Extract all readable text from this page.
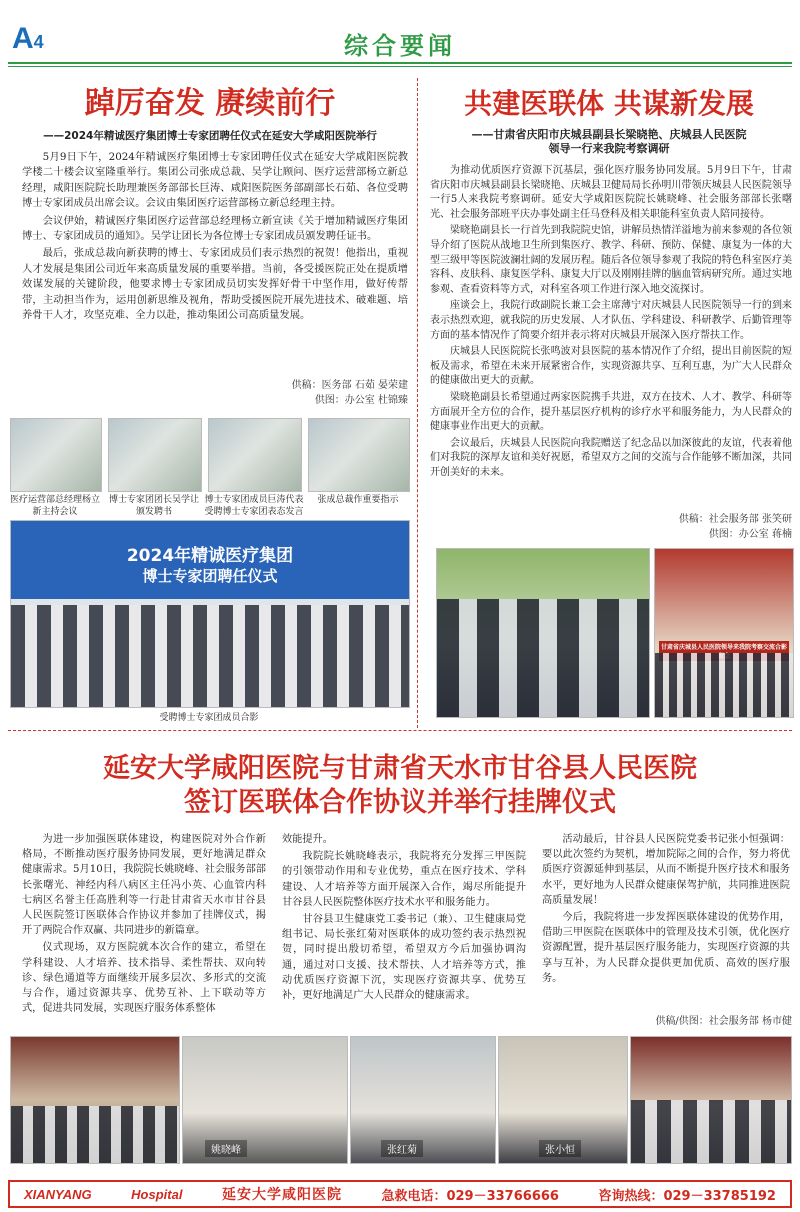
A4	综合要闻
踔厉奋发 赓续前行
——2024年精诚医疗集团博士专家团聘任仪式在延安大学咸阳医院举行

5月9日下午，2024年精诚医疗集团博士专家团聘任仪式在延安大学咸阳医院教学楼二十楼会议室隆重举行。集团公司张成总裁、吴学让顾问、医疗运营部杨立新总经理，咸阳医院院长助理兼医务部部长巨涛、咸阳医院医务部副部长石茹、各位受聘博士专家团成员出席会议。会议由集团医疗运营部杨立新总经理主持。

会议伊始，精诚医疗集团医疗运营部总经理杨立新宣读《关于增加精诚医疗集团博士、专家团成员的通知》。吴学让团长为各位博士专家团成员颁发聘任证书。

最后，张成总裁向新获聘的博士、专家团成员们表示热烈的祝贺！他指出，重视人才发展是集团公司近年来高质量发展的重要举措。当前，各受援医院正处在提质增效谋发展的关键阶段，他要求博士专家团成员切实发挥好骨干中坚作用，做好传帮带，主动担当作为，运用创新思维及视角，帮助受援医院开展先进技术、破难题、培养骨干人才，攻坚克难、全力以赴，推动集团公司高质量发展。

供稿：医务部 石茹 晏荣建
供图：办公室 杜锦臻
医疗运营部总经理杨立新主持会议
博士专家团团长吴学让颁发聘书
博士专家团成员巨涛代表受聘博士专家团表态发言
张成总裁作重要指示
2024年精诚医疗集团
博士专家团聘任仪式
受聘博士专家团成员合影
共建医联体 共谋新发展
——甘肃省庆阳市庆城县副县长梁晓艳、庆城县人民医院
领导一行来我院考察调研

为推动优质医疗资源下沉基层，强化医疗服务协同发展。5月9日下午，甘肃省庆阳市庆城县副县长梁晓艳、庆城县卫健局局长孙明川带领庆城县人民医院领导一行5人来我院考察调研。延安大学咸阳医院院长姚晓峰、社会服务部部长张曙光、社会服务部班平庆办事处副主任马登科及相关职能科室负责人陪同接待。

梁晓艳副县长一行首先到我院院史馆，讲解员热情洋溢地为前来参观的各位领导介绍了医院从战地卫生所到集医疗、教学、科研、预防、保健、康复为一体的大型三级甲等医院波澜壮阔的发展历程。随后各位领导参观了我院的特色科室医疗美容科、皮肤科、康复医学科、康复大厅以及刚刚挂牌的脑血管病研究所。通过实地参观、查看资料等方式，对科室各项工作进行深入地交流探讨。

座谈会上，我院行政副院长兼工会主席薄宁对庆城县人民医院领导一行的到来表示热烈欢迎，就我院的历史发展、人才队伍、学科建设、科研教学、后勤管理等方面的基本情况作了简要介绍并表示将对庆城县开展深入医疗帮扶工作。

庆城县人民医院院长张鸣波对县医院的基本情况作了介绍，提出目前医院的短板及需求，希望在未来开展紧密合作，实现资源共享、互利互惠，为广大人民群众的健康做出更大的贡献。

梁晓艳副县长希望通过两家医院携手共进，双方在技术、人才、教学、科研等方面展开全方位的合作，提升基层医疗机构的诊疗水平和服务能力，为人民群众的健康事业作出更大的贡献。

会议最后，庆城县人民医院向我院赠送了纪念品以加深彼此的友谊，代表着他们对我院的深厚友谊和美好祝愿，希望双方之间的交流与合作能够不断加深，共同开创美好的未来。

供稿：社会服务部 张笑研
供图：办公室 蒋楠
甘肃省庆城县人民医院领导来我院考察交流合影
延安大学咸阳医院与甘肃省天水市甘谷县人民医院
签订医联体合作协议并举行挂牌仪式

为进一步加强医联体建设，构建医院对外合作新格局，不断推动医疗服务协同发展，更好地满足群众健康需求。5月10日，我院院长姚晓峰、社会服务部部长张曙光、神经内科八病区主任冯小英、心血管内科七病区名誉主任高胜利等一行赴甘肃省天水市甘谷县人民医院签订医联体合作协议并参加了挂牌仪式，揭开了两院合作双赢、共同进步的新篇章。

仪式现场，双方医院就本次合作的建立，希望在学科建设、人才培养、技术指导、柔性帮扶、双向转诊、绿色通道等方面继续开展多层次、多形式的交流与合作，通过资源共享、优势互补、上下联动等方式，促进共同发展，实现医疗服务体系整体

效能提升。

我院院长姚晓峰表示，我院将充分发挥三甲医院的引领带动作用和专业优势，重点在医疗技术、学科建设、人才培养等方面开展深入合作，竭尽所能提升甘谷县人民医院整体医疗技术水平和服务能力。

甘谷县卫生健康党工委书记（兼）、卫生健康局党组书记、局长张红菊对医联体的成功签约表示热烈祝贺，同时提出殷切希望，希望双方今后加强协调沟通，通过对口支援、技术帮扶、人才培养等方式，推动优质医疗资源下沉，实现医疗资源共享、优势互补，更好地满足广大人民群众的健康需求。

活动最后，甘谷县人民医院党委书记张小恒强调：要以此次签约为契机，增加院际之间的合作，努力将优质医疗资源延伸到基层，从而不断提升医疗技术和服务水平，更好地为人民群众健康保驾护航，共同推进医院高质量发展！

今后，我院将进一步发挥医联体建设的优势作用，借助三甲医院在医联体中的管理及技术引领，优化医疗资源配置，提升基层医疗服务能力，实现医疗资源的共享与互补，为人民群众提供更加优质、高效的医疗服务。

供稿/供图：社会服务部 杨市健
姚晓峰	张红菊	张小恒
XIANYANG	Hospital	延安大学咸阳医院	急救电话：029－33766666	咨询热线：029－33785192
